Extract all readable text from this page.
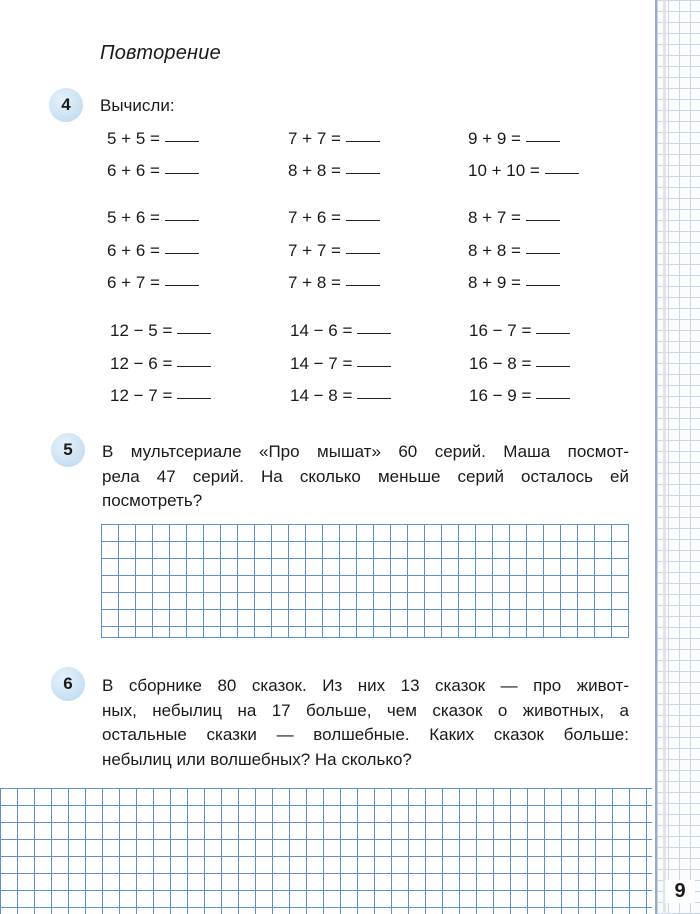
Повторение
4	Вычисли:
5 + 5 =	7 + 7 =	9 + 9 =
6 + 6 =	8 + 8 =	10 + 10 =
5 + 6 =	7 + 6 =	8 + 7 =
6 + 6 =	7 + 7 =	8 + 8 =
6 + 7 =	7 + 8 =	8 + 9 =
12 − 5 =	14 − 6 =	16 − 7 =
12 − 6 =	14 − 7 =	16 − 8 =
12 − 7 =	14 − 8 =	16 − 9 =
5	В мультсериале «Про мышат» 60 серий. Маша посмот-
рела 47 серий. На сколько меньше серий осталось ей
посмотреть?

6	В сборнике 80 сказок. Из них 13 сказок — про живот-
ных, небылиц на 17 больше, чем сказок о животных, а
остальные сказки — волшебные. Каких сказок больше:
небылиц или волшебных? На сколько?

9
